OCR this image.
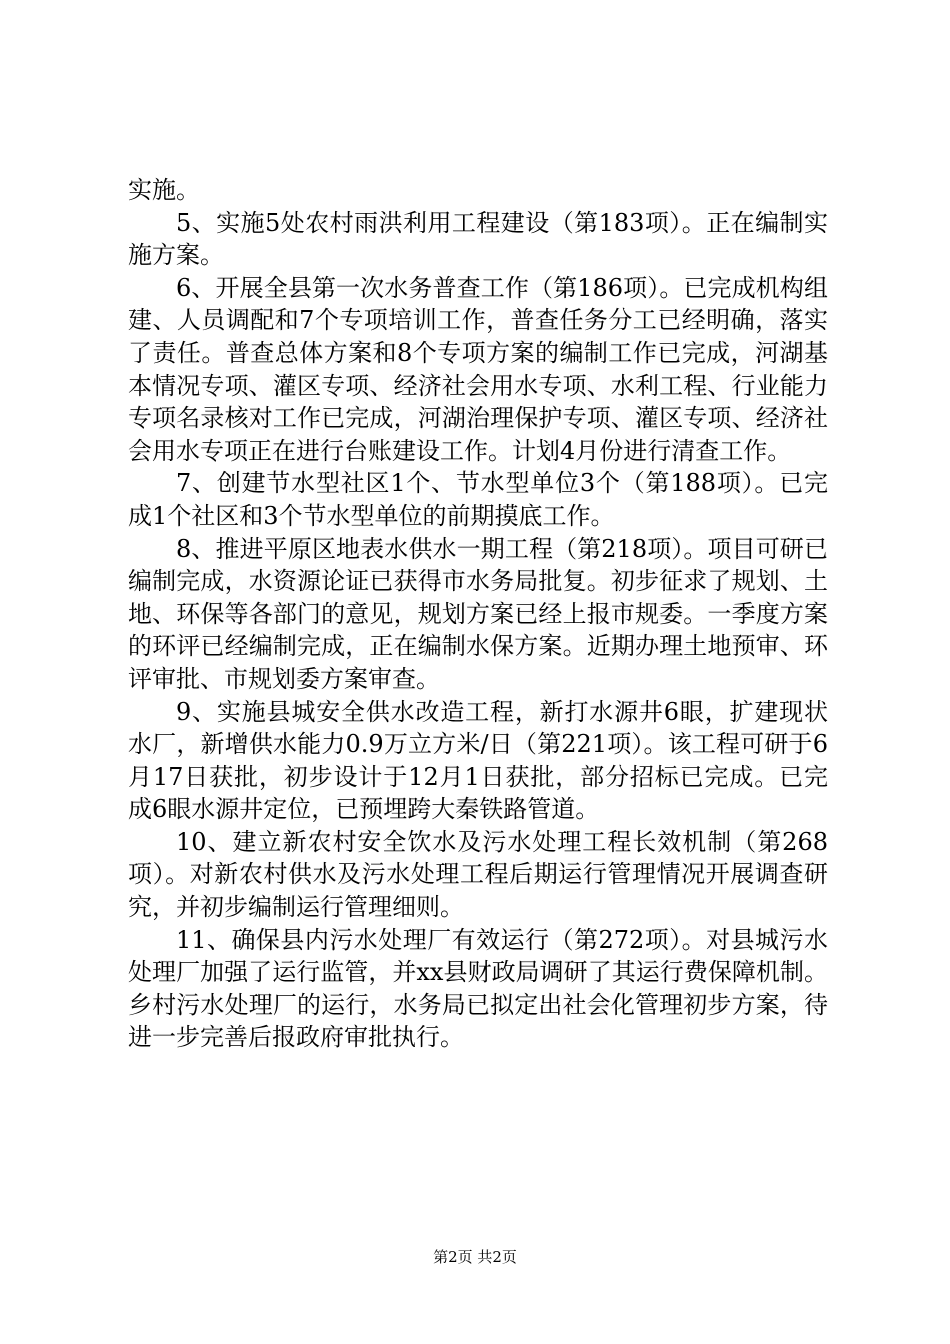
实施。

5、实施5处农村雨洪利用工程建设（第183项）。正在编制实施方案。

6、开展全县第一次水务普查工作（第186项）。已完成机构组建、人员调配和7个专项培训工作，普查任务分工已经明确，落实了责任。普查总体方案和8个专项方案的编制工作已完成，河湖基本情况专项、灌区专项、经济社会用水专项、水利工程、行业能力专项名录核对工作已完成，河湖治理保护专项、灌区专项、经济社会用水专项正在进行台账建设工作。计划4月份进行清查工作。

7、创建节水型社区1个、节水型单位3个（第188项）。已完成1个社区和3个节水型单位的前期摸底工作。

8、推进平原区地表水供水一期工程（第218项）。项目可研已编制完成，水资源论证已获得市水务局批复。初步征求了规划、土地、环保等各部门的意见，规划方案已经上报市规委。一季度方案的环评已经编制完成，正在编制水保方案。近期办理土地预审、环评审批、市规划委方案审查。

9、实施县城安全供水改造工程，新打水源井6眼，扩建现状水厂，新增供水能力0.9万立方米/日（第221项）。该工程可研于6月17日获批，初步设计于12月1日获批，部分招标已完成。已完成6眼水源井定位，已预埋跨大秦铁路管道。

10、建立新农村安全饮水及污水处理工程长效机制（第268项）。对新农村供水及污水处理工程后期运行管理情况开展调查研究，并初步编制运行管理细则。

11、确保县内污水处理厂有效运行（第272项）。对县城污水处理厂加强了运行监管，并xx县财政局调研了其运行费保障机制。乡村污水处理厂的运行，水务局已拟定出社会化管理初步方案，待进一步完善后报政府审批执行。

第2页 共2页
